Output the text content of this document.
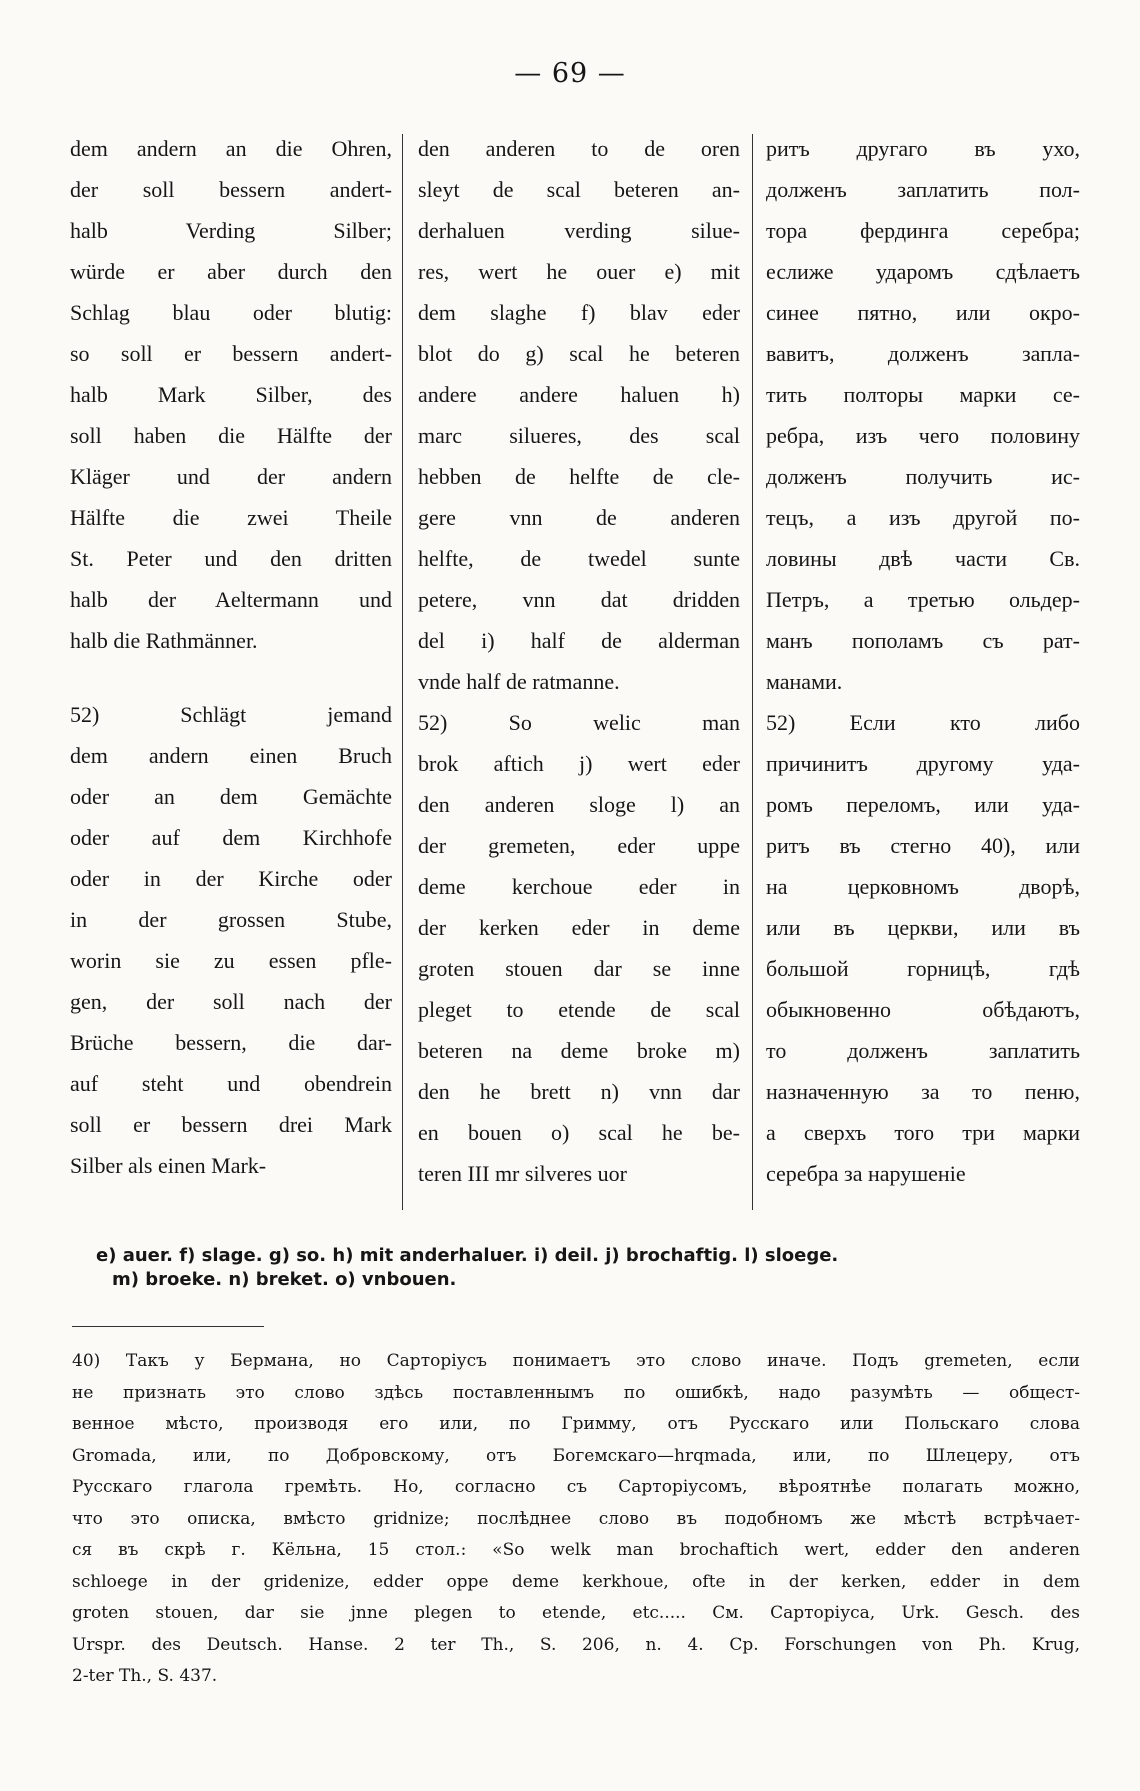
— 69 —
dem andern an die Ohren,
der soll bessern andert-
halb Verding Silber;
würde er aber durch den
Schlag blau oder blutig:
so soll er bessern andert-
halb Mark Silber, des
soll haben die Hälfte der
Kläger und der andern
Hälfte die zwei Theile
St. Peter und den dritten
halb der Aeltermann und
halb die Rathmänner.
52) Schlägt jemand
dem andern einen Bruch
oder an dem Gemächte
oder auf dem Kirchhofe
oder in der Kirche oder
in der grossen Stube,
worin sie zu essen pfle-
gen, der soll nach der
Brüche bessern, die dar-
auf steht und obendrein
soll er bessern drei Mark
Silber als einen Mark-
den anderen to de oren
sleyt de scal beteren an-
derhaluen verding silue-
res, wert he ouer e) mit
dem slaghe f) blav eder
blot do g) scal he beteren
andere andere haluen h)
marc silueres, des scal
hebben de helfte de cle-
gere vnn de anderen
helfte, de twedel sunte
petere, vnn dat dridden
del i) half de alderman
vnde half de ratmanne.
52) So welic man
brok aftich j) wert eder
den anderen sloge l) an
der gremeten, eder uppe
deme kerchoue eder in
der kerken eder in deme
groten stouen dar se inne
pleget to etende de scal
beteren na deme broke m)
den he brett n) vnn dar
en bouen o) scal he be-
teren III mr silveres uor
ритъ другаго въ ухо,
долженъ заплатить пол-
тора фердинга серебра;
еслиже ударомъ сдѣлаетъ
синее пятно, или окро-
вавитъ, долженъ запла-
тить полторы марки се-
ребра, изъ чего половину
долженъ получить ис-
тецъ, а изъ другой по-
ловины двѣ части Св.
Петръ, а третью ольдер-
манъ пополамъ съ рат-
манами.
52) Если кто либо
причинитъ другому уда-
ромъ переломъ, или уда-
ритъ въ стегно 40), или
на церковномъ дворѣ,
или въ церкви, или въ
большой горницѣ, гдѣ
обыкновенно обѣдаютъ,
то долженъ заплатить
назначенную за то пеню,
а сверхъ того три марки
серебра за нарушеніе
e) auer. f) slage. g) so. h) mit anderhaluer. i) deil. j) brochaftig. l) sloege.
m) broeke. n) breket. o) vnbouen.
40) Такъ у Бермана, но Сарторіусъ понимаетъ это слово иначе. Подъ gremeten, если
не признать это слово здѣсь поставленнымъ по ошибкѣ, надо разумѣть — общест-
венное мѣсто, производя его или, по Гримму, отъ Русскаго или Польскаго слова
Gromada, или, по Добровскому, отъ Богемскаго—hrqmada, или, по Шлецеру, отъ
Русскаго глагола гремѣть. Но, согласно съ Сарторіусомъ, вѣроятнѣе полагать можно,
что это описка, вмѣсто gridnize; послѣднее слово въ подобномъ же мѣстѣ встрѣчает-
ся въ скрѣ г. Кёльна, 15 стол.: «So welk man brochaftich wert, edder den anderen
schloege in der gridenize, edder oppe deme kerkhoue, ofte in der kerken, edder in dem
groten stouen, dar sie jnne plegen to etende, etc..... См. Сарторіуса, Urk. Gesch. des
Urspr. des Deutsch. Hanse. 2 ter Th., S. 206, n. 4. Ср. Forschungen von Ph. Krug,
2-ter Th., S. 437.
